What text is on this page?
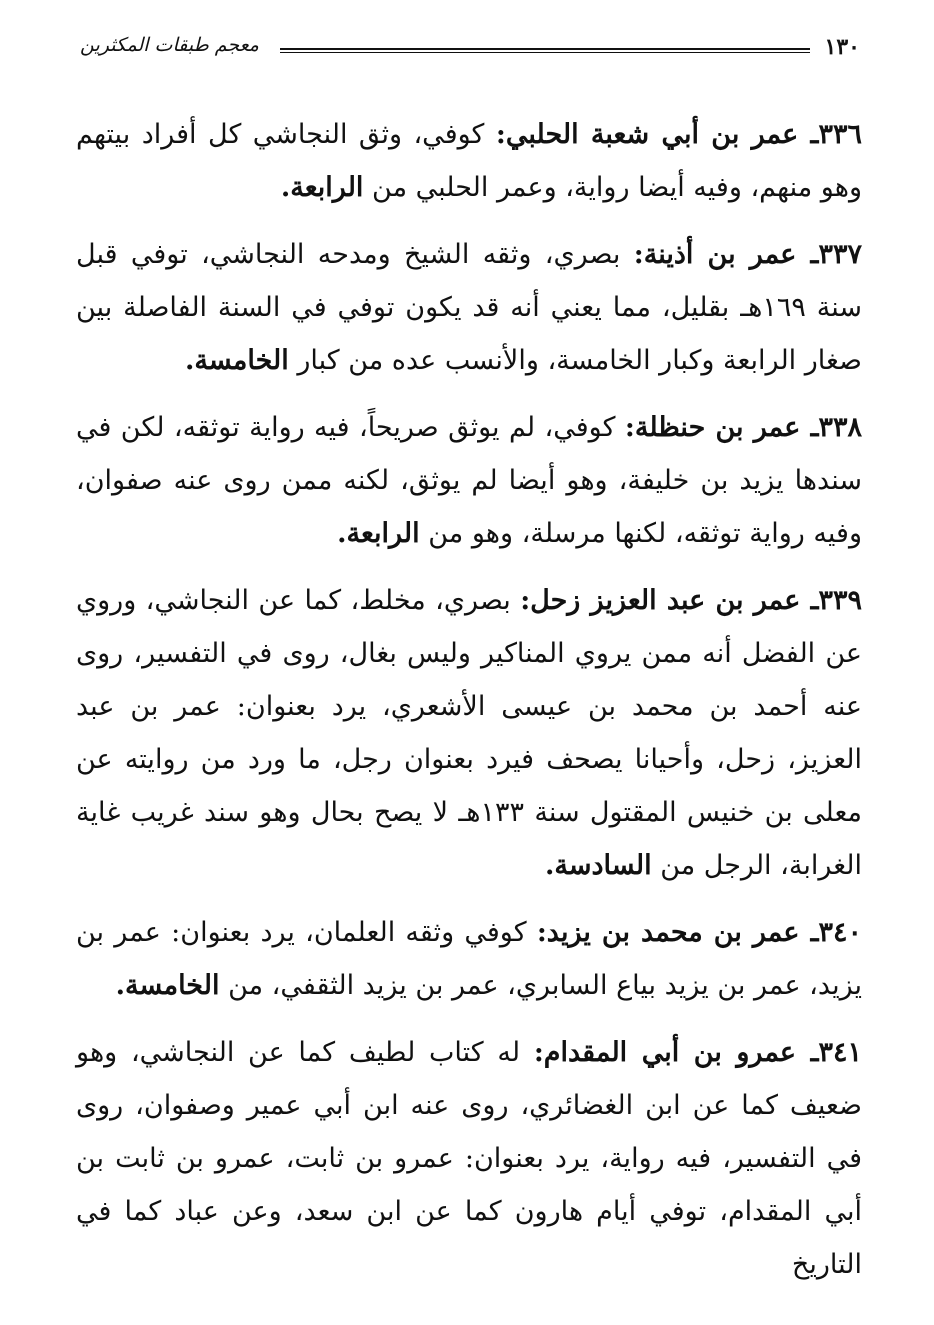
١٣٠
معجم طبقات المكثرين

٣٣٦ـ عمر بن أبي شعبة الحلبي: كوفي، وثق النجاشي كل أفراد بيتهم وهو منهم، وفيه أيضا رواية، وعمر الحلبي من الرابعة.

٣٣٧ـ عمر بن أذينة: بصري، وثقه الشيخ ومدحه النجاشي، توفي قبل سنة ١٦٩هـ بقليل، مما يعني أنه قد يكون توفي في السنة الفاصلة بين صغار الرابعة وكبار الخامسة، والأنسب عده من كبار الخامسة.

٣٣٨ـ عمر بن حنظلة: كوفي، لم يوثق صريحاً، فيه رواية توثقه، لكن في سندها يزيد بن خليفة، وهو أيضا لم يوثق، لكنه ممن روى عنه صفوان، وفيه رواية توثقه، لكنها مرسلة، وهو من الرابعة.

٣٣٩ـ عمر بن عبد العزيز زحل: بصري، مخلط، كما عن النجاشي، وروي عن الفضل أنه ممن يروي المناكير وليس بغال، روى في التفسير، روى عنه أحمد بن محمد بن عيسى الأشعري، يرد بعنوان: عمر بن عبد العزيز، زحل، وأحيانا يصحف فيرد بعنوان رجل، ما ورد من روايته عن معلى بن خنيس المقتول سنة ١٣٣هـ لا يصح بحال وهو سند غريب غاية الغرابة، الرجل من السادسة.

٣٤٠ـ عمر بن محمد بن يزيد: كوفي وثقه العلمان، يرد بعنوان: عمر بن يزيد، عمر بن يزيد بياع السابري، عمر بن يزيد الثقفي، من الخامسة.

٣٤١ـ عمرو بن أبي المقدام: له كتاب لطيف كما عن النجاشي، وهو ضعيف كما عن ابن الغضائري، روى عنه ابن أبي عمير وصفوان، روى في التفسير، فيه رواية، يرد بعنوان: عمرو بن ثابت، عمرو بن ثابت بن أبي المقدام، توفي أيام هارون كما عن ابن سعد، وعن عباد كما في التاريخ
